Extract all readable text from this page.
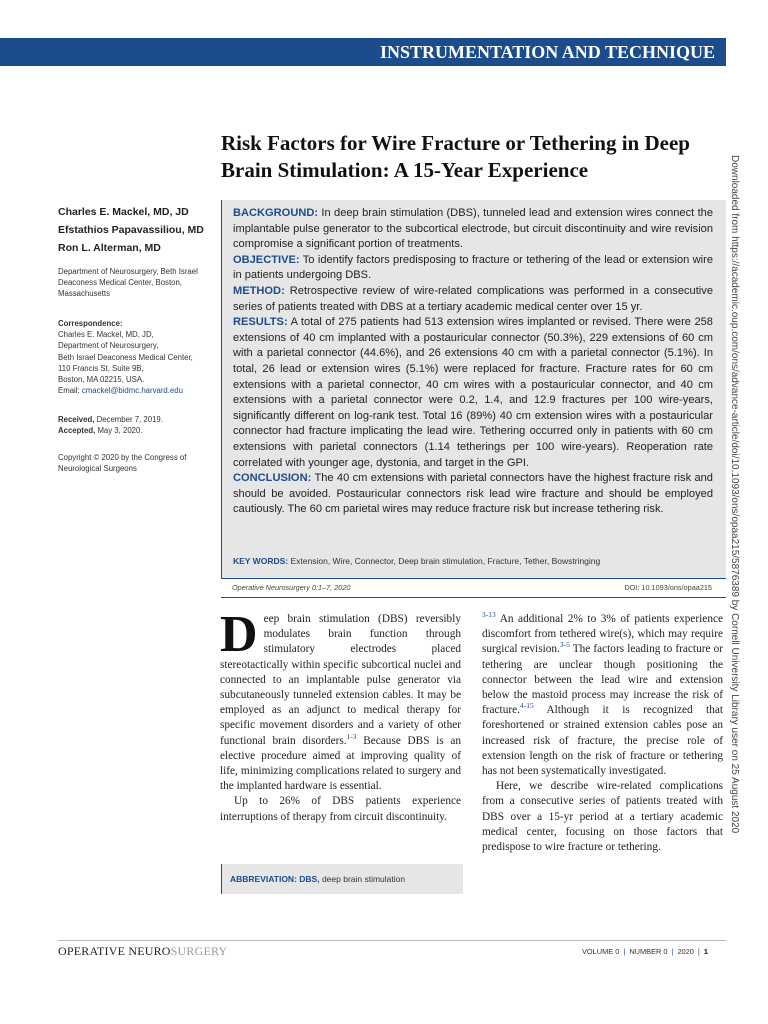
INSTRUMENTATION AND TECHNIQUE
Risk Factors for Wire Fracture or Tethering in Deep Brain Stimulation: A 15-Year Experience
Charles E. Mackel, MD, JD
Efstathios Papavassiliou, MD
Ron L. Alterman, MD
Department of Neurosurgery, Beth Israel Deaconess Medical Center, Boston, Massachusetts
Correspondence:
Charles E. Mackel, MD, JD,
Department of Neurosurgery,
Beth Israel Deaconess Medical Center,
110 Francis St, Suite 9B,
Boston, MA 02215, USA.
Email: cmackel@bidmc.harvard.edu
Received, December 7, 2019.
Accepted, May 3, 2020.
Copyright © 2020 by the Congress of Neurological Surgeons

BACKGROUND: In deep brain stimulation (DBS), tunneled lead and extension wires connect the implantable pulse generator to the subcortical electrode, but circuit discontinuity and wire revision compromise a significant portion of treatments.

OBJECTIVE: To identify factors predisposing to fracture or tethering of the lead or extension wire in patients undergoing DBS.

METHOD: Retrospective review of wire-related complications was performed in a consecutive series of patients treated with DBS at a tertiary academic medical center over 15 yr.

RESULTS: A total of 275 patients had 513 extension wires implanted or revised. There were 258 extensions of 40 cm implanted with a postauricular connector (50.3%), 229 extensions of 60 cm with a parietal connector (44.6%), and 26 extensions 40 cm with a parietal connector (5.1%). In total, 26 lead or extension wires (5.1%) were replaced for fracture. Fracture rates for 60 cm extensions with a parietal connector, 40 cm wires with a postauricular connector, and 40 cm extensions with a parietal connector were 0.2, 1.4, and 12.9 fractures per 100 wire-years, significantly different on log-rank test. Total 16 (89%) 40 cm extension wires with a postauricular connector had fracture implicating the lead wire. Tethering occurred only in patients with 60 cm extensions with parietal connectors (1.14 tetherings per 100 wire-years). Reoperation rate correlated with younger age, dystonia, and target in the GPI.

CONCLUSION: The 40 cm extensions with parietal connectors have the highest fracture risk and should be avoided. Postauricular connectors risk lead wire fracture and should be employed cautiously. The 60 cm parietal wires may reduce fracture risk but increase tethering risk.

KEY WORDS: Extension, Wire, Connector, Deep brain stimulation, Fracture, Tether, Bowstringing
Operative Neurosurgery 0:1–7, 2020	DOI: 10.1093/ons/opaa215

Deep brain stimulation (DBS) reversibly modulates brain function through stimulatory electrodes placed stereotactically within specific subcortical nuclei and connected to an implantable pulse generator via subcutaneously tunneled extension cables. It may be employed as an adjunct to medical therapy for specific movement disorders and a variety of other functional brain disorders.$^{1-3}$ Because DBS is an elective procedure aimed at improving quality of life, minimizing complications related to surgery and the implanted hardware is essential.

Up to 26% of DBS patients experience interruptions of therapy from circuit discontinuity.

$^{3-13}$ An additional 2% to 3% of patients experience discomfort from tethered wire(s), which may require surgical revision.$^{3-5}$ The factors leading to fracture or tethering are unclear though positioning the connector between the lead wire and extension below the mastoid process may increase the risk of fracture.$^{4-15}$ Although it is recognized that foreshortened or strained extension cables pose an increased risk of fracture, the precise role of extension length on the risk of fracture or tethering has not been systematically investigated.

Here, we describe wire-related complications from a consecutive series of patients treated with DBS over a 15-yr period at a tertiary academic medical center, focusing on those factors that predispose to wire fracture or tethering.

ABBREVIATION: DBS, deep brain stimulation
Downloaded from https://academic.oup.com/ons/advance-article/doi/10.1093/ons/opaa215/5876389 by Cornell University Library user on 25 August 2020
OPERATIVE NEUROSURGERY	VOLUME 0 | NUMBER 0 | 2020 | 1
